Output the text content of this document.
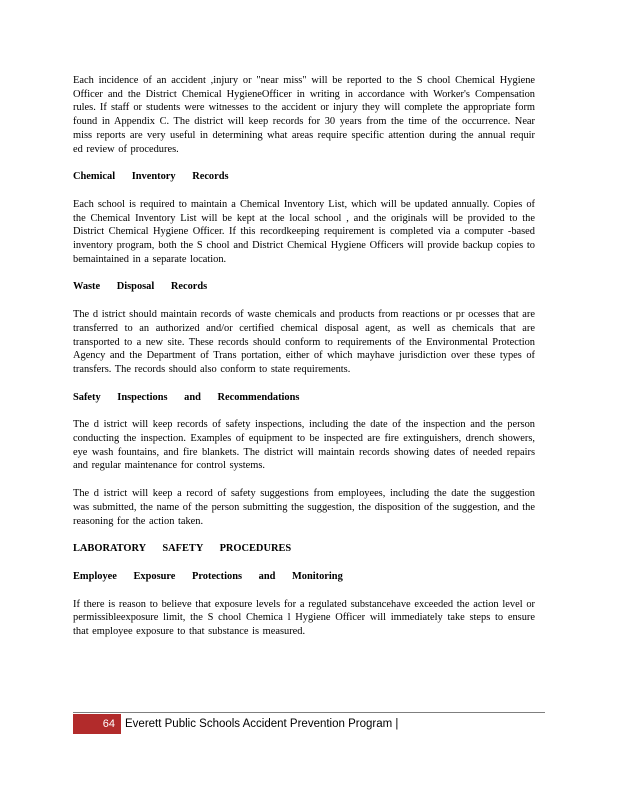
Each incidence of an accident ,injury or "near miss" will be reported to the S chool Chemical Hygiene Officer and the District Chemical HygieneOfficer in writing in accordance with Worker's Compensation rules. If staff or students were witnesses to the accident or injury they will complete the appropriate form found in Appendix C. The district will keep records for 30 years from the time of the occurrence. Near miss reports are very useful in determining what areas require specific attention during the annual requir ed review of procedures.

Chemical Inventory Records

Each school is required to maintain a Chemical Inventory List, which will be updated annually. Copies of the Chemical Inventory List will be kept at the local school , and the originals will be provided to the District Chemical Hygiene Officer. If this recordkeeping requirement is completed via a computer -based inventory program, both the S chool and District Chemical Hygiene Officers will provide backup copies to bemaintained in a separate location.

Waste Disposal Records

The d istrict should maintain records of waste chemicals and products from reactions or pr ocesses that are transferred to an authorized and/or certified chemical disposal agent, as well as chemicals that are transported to a new site. These records should conform to requirements of the Environmental Protection Agency and the Department of Trans portation, either of which mayhave jurisdiction over these types of transfers. The records should also conform to state requirements.

Safety Inspections and Recommendations

The d istrict will keep records of safety inspections, including the date of the inspection and the person conducting the inspection. Examples of equipment to be inspected are fire extinguishers, drench showers, eye wash fountains, and fire blankets. The district will maintain records showing dates of needed repairs and regular maintenance for control systems.

The d istrict will keep a record of safety suggestions from employees, including the date the suggestion was submitted, the name of the person submitting the suggestion, the disposition of the suggestion, and the reasoning for the action taken.

LABORATORY SAFETY PROCEDURES
Employee Exposure Protections and Monitoring

If there is reason to believe that exposure levels for a regulated substancehave exceeded the action level or permissibleexposure limit, the S chool Chemica l Hygiene Officer will immediately take steps to ensure that employee exposure to that substance is measured.

64 Everett Public Schools Accident Prevention Program |
